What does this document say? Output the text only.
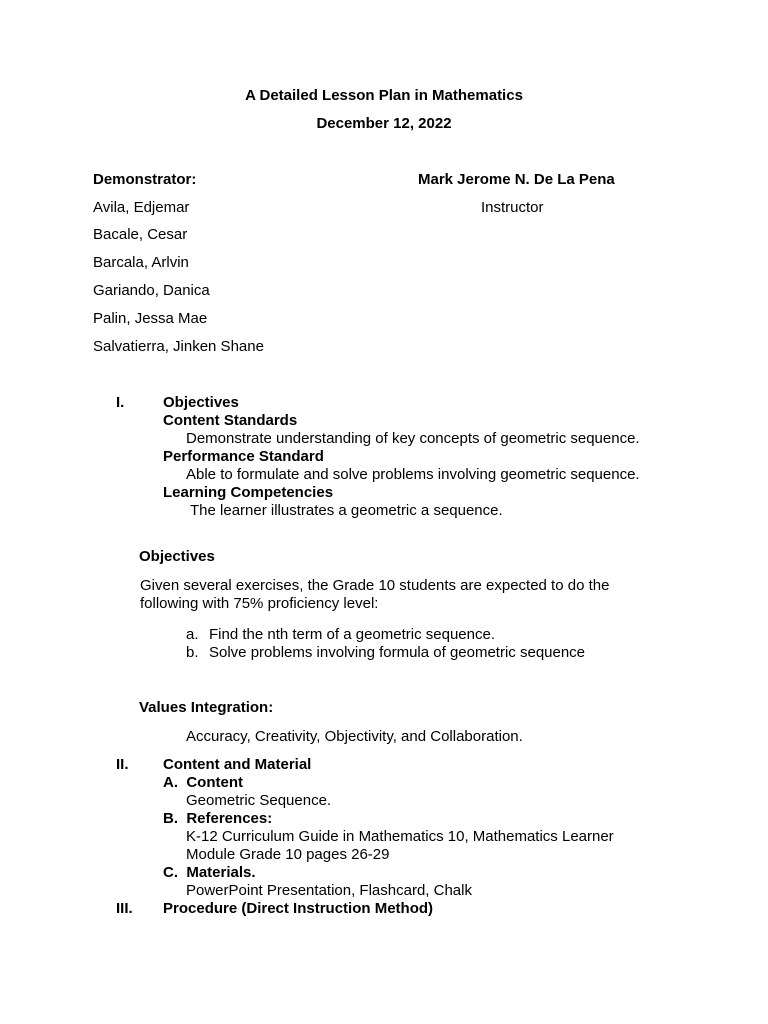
A Detailed Lesson Plan in Mathematics
December 12, 2022
Demonstrator:
Avila, Edjemar
Bacale, Cesar
Barcala, Arlvin
Gariando, Danica
Palin, Jessa Mae
Salvatierra, Jinken Shane
Mark Jerome N. De La Pena
Instructor
I.	Objectives
Content Standards
Demonstrate understanding of key concepts of geometric sequence.
Performance Standard
Able to formulate and solve problems involving geometric sequence.
Learning Competencies
The learner illustrates a geometric a sequence.
Objectives
Given several exercises, the Grade 10 students are expected to do the
following with 75% proficiency level:
a. Find the nth term of a geometric sequence.
b. Solve problems involving formula of geometric sequence
Values Integration:
Accuracy, Creativity, Objectivity, and Collaboration.
II. Content and Material
A.  Content
Geometric Sequence.
B.  References:
K-12 Curriculum Guide in Mathematics 10, Mathematics Learner
Module Grade 10 pages 26-29
C.  Materials.
PowerPoint Presentation, Flashcard, Chalk
III. Procedure (Direct Instruction Method)
